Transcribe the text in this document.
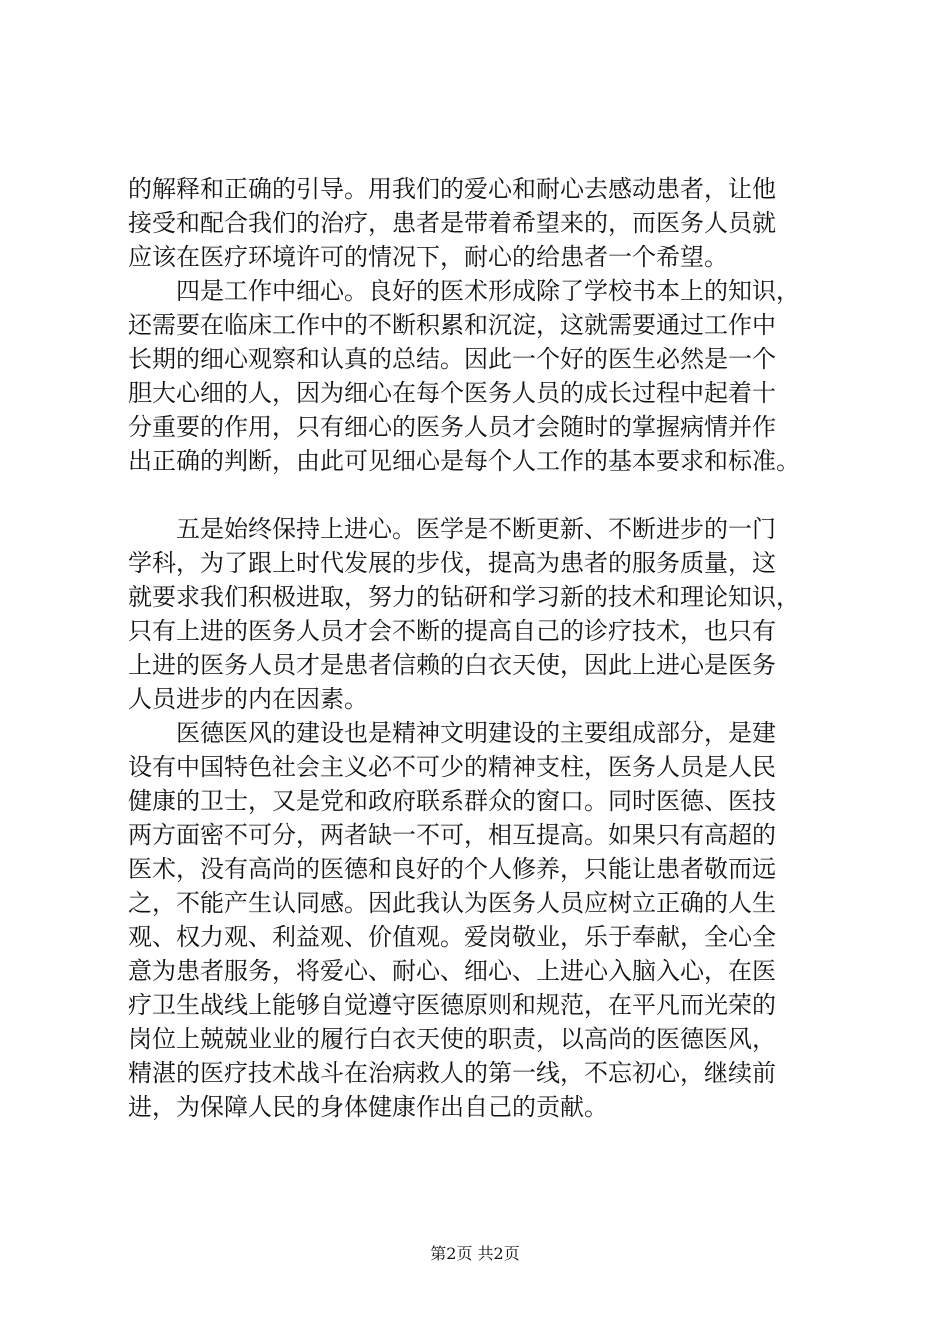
的解释和正确的引导。用我们的爱心和耐心去感动患者，让他
接受和配合我们的治疗，患者是带着希望来的，而医务人员就
应该在医疗环境许可的情况下，耐心的给患者一个希望。
　　四是工作中细心。良好的医术形成除了学校书本上的知识，
还需要在临床工作中的不断积累和沉淀，这就需要通过工作中
长期的细心观察和认真的总结。因此一个好的医生必然是一个
胆大心细的人，因为细心在每个医务人员的成长过程中起着十
分重要的作用，只有细心的医务人员才会随时的掌握病情并作
出正确的判断，由此可见细心是每个人工作的基本要求和标准。
　　五是始终保持上进心。医学是不断更新、不断进步的一门
学科，为了跟上时代发展的步伐，提高为患者的服务质量，这
就要求我们积极进取，努力的钻研和学习新的技术和理论知识，
只有上进的医务人员才会不断的提高自己的诊疗技术，也只有
上进的医务人员才是患者信赖的白衣天使，因此上进心是医务
人员进步的内在因素。
　　医德医风的建设也是精神文明建设的主要组成部分，是建
设有中国特色社会主义必不可少的精神支柱，医务人员是人民
健康的卫士，又是党和政府联系群众的窗口。同时医德、医技
两方面密不可分，两者缺一不可，相互提高。如果只有高超的
医术，没有高尚的医德和良好的个人修养，只能让患者敬而远
之，不能产生认同感。因此我认为医务人员应树立正确的人生
观、权力观、利益观、价值观。爱岗敬业，乐于奉献，全心全
意为患者服务，将爱心、耐心、细心、上进心入脑入心，在医
疗卫生战线上能够自觉遵守医德原则和规范，在平凡而光荣的
岗位上兢兢业业的履行白衣天使的职责，以高尚的医德医风，
精湛的医疗技术战斗在治病救人的第一线，不忘初心，继续前
进，为保障人民的身体健康作出自己的贡献。
第2页 共2页
